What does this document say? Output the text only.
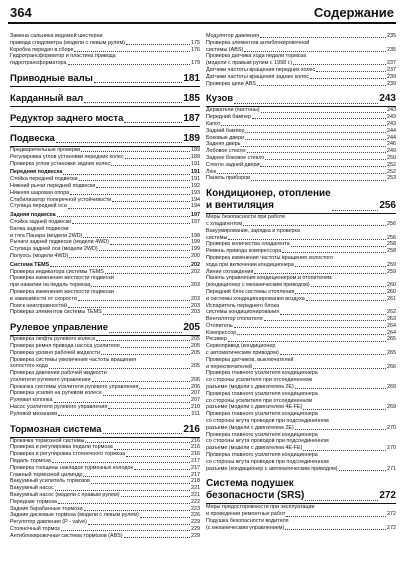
364	Содержание
Замена сальника ведомой шестерни
привода спидометра (модели с левым рулем)	175
Коробка передач в сборе	176
Гидротрансформатор и пластина привода
гидротрансформатора	179
Приводные валы	181
Карданный вал	185
Редуктор заднего моста	187
Подвеска	189
Предварительные проверки	189
Регулировка углов установки передних колес	189
Проверка углов установки задних колес	191
Передняя подвеска	191
Стойка передней подвески	191
Нижний рычаг передней подвески	192
Нижняя шаровая опора	193
Стабилизатор поперечной устойчивости	194
Ступица передней оси	194
Задняя подвеска	197
Стойка задней подвески	197
Балка задней подвески
и тяга Панара (модели 2WD)	198
Рычаги задней подвески (модели 4WD)	199
Ступица задней оси (модели 2WD)	199
Полуось (модели 4WD)	200
Система TEMS	202
Проверка индикатора системы TEMS	202
Проверка изменения жесткости подвески
при нажатии на педаль тормоза	203
Проверка изменения жесткости подвески
в зависимости от скорости	203
Поиск неисправностей	203
Проверка элементов системы TEMS	203
Рулевое управление	205
Проверка люфта рулевого колеса	205
Проверка ремня привода насоса усилителя	205
Проверка уровня рабочей жидкости	205
Проверка системы увеличения частоты вращения
холостого хода	205
Проверка давления рабочей жидкости
усилителя рулевого управления	206
Прокачка системы усилителя рулевого управления	206
Проверка усилия на рулевом колесе	207
Рулевая колонка	207
Насос усилителя рулевого управления	210
Рулевой механизм	211
Тормозная система	216
Прокачка тормозной системы	216
Проверка и регулировка педали тормоза	216
Проверка и регулировка стояночного тормоза	216
Педаль тормоза	217
Проверка толщины накладок тормозных колодок	217
Главный тормозной цилиндр	217
Вакуумный усилитель тормозов	218
Вакуумный насос	221
Вакуумный насос (модели с правым рулем)	221
Передние тормоза	222
Задние барабанные тормоза	223
Задние дисковые тормоза (модели с левым рулем)	226
Регулятор давления (P - valve)	229
Стояночный тормоз	229
Антиблокировочная система тормозов (ABS)	229
Модулятор давления	235
Проверка элементов антиблокировочной
системы (ABS)	235
Проверка датчика хода педали тормоза
(модели с правым рулем с 1998 г.)	237
Датчики частоты вращения передних колес	237
Датчики частоты вращения задних колес	239
Проверка цепи ABS	239
Кузов	243
Держатели (пистоны)	243
Передний бампер	243
Капот	243
Задний бампер	244
Боковые двери	244
Задняя дверь	246
Лобовое стекло	249
Заднее боковое стекло	250
Стекло задней двери	252
Люк	252
Панель приборов	253
Кондиционер, отопление
и вентиляция	256
Меры безопасности при работе
с хладагентом	256
Вакуумирование, зарядка и проверка
системы	256
Проверка количества хладагента	258
Ремень привода компрессора	258
Проверка изменения частоты вращения холостого
хода при включении кондиционера	259
Линии охлаждения	259
Панель управления кондиционером и отопителем
(кондиционер с механическим приводом)	260
Передний блок системы отопления	260
и системы кондиционирования воздуха	261
Испаритель переднего блока
системы кондиционирования	262
Вентилятор отопителя	263
Отопитель	264
Компрессор	264
Ресивер	265
Сервопривод (кондиционер
с автоматическим приводом)	265
Проверка датчиков, выключателей
и переключателей	266
Проверка главного усилителя кондиционера
со стороны усилителя при отсоединенном
разъеме (модели с двигателем 2E)	269
Проверка главного усилителя кондиционера
со стороны усилителя при отсоединенном
разъеме (модели с двигателем 4E-FE)	269
Проверка главного усилителя кондиционера
со стороны жгута проводов при подсоединенном
разъеме (модели с двигателем 2E)	270
Проверка главного усилителя кондиционера
со стороны жгута проводов при подсоединенном
разъеме (модели с двигателем 4E-FE)	270
Проверка главного усилителя кондиционера
со стороны жгута проводов при подсоединенном
разъеме (кондиционер с автоматическим приводом)	271
Система подушек
безопасности (SRS)	272
Меры предосторожности при эксплуатации
и проведении ремонтных работ	272
Подушка безопасности водителя
(с механическим управлением)	272
